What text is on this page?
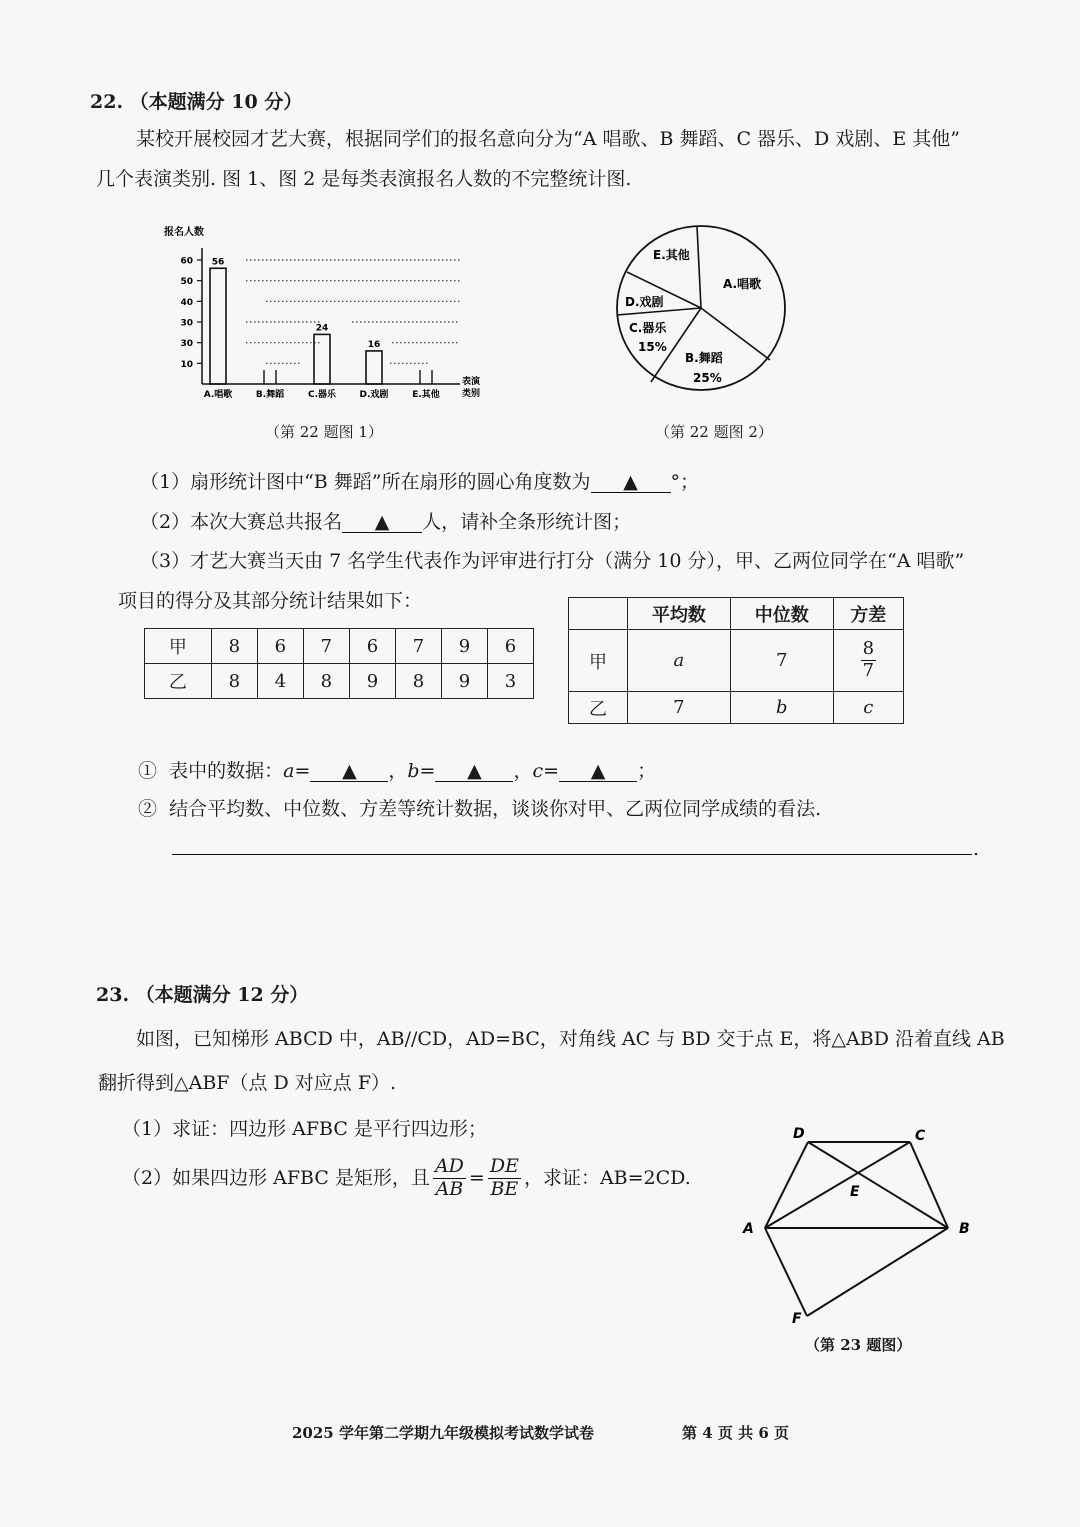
22. （本题满分 10 分）
某校开展校园才艺大赛，根据同学们的报名意向分为“A 唱歌、B 舞蹈、C 器乐、D 戏剧、E 其他”
几个表演类别. 图 1、图 2 是每类表演报名人数的不完整统计图.
报名人数
10
30
30
40
50
60 56
24
16
A.唱歌	B.舞蹈	C.器乐	D.戏剧	E.其他
表演
类别
（第 22 题图 1）
E.其他
A.唱歌
D.戏剧
C.器乐
15%
B.舞蹈
25%
（第 22 题图 2）
（1）扇形统计图中“B 舞蹈”所在扇形的圆心角度数为 ▲ °；
（2）本次大赛总共报名 ▲ 人，请补全条形统计图；
（3）才艺大赛当天由 7 名学生代表作为评审进行打分（满分 10 分），甲、乙两位同学在“A 唱歌”
项目的得分及其部分统计结果如下：
甲	8	6	7	6	7	9	6
乙	8	4	8	9	8	9	3
	平均数	中位数	方差
甲	a	7	$\frac{8}{7}$

乙	7	b	c
① 表中的数据：a= ▲ ，b= ▲ ，c= ▲ ；
② 结合平均数、中位数、方差等统计数据，谈谈你对甲、乙两位同学成绩的看法.
.
23. （本题满分 12 分）
如图，已知梯形 ABCD 中，AB//CD，AD=BC，对角线 AC 与 BD 交于点 E，将△ABD 沿着直线 AB
翻折得到△ABF（点 D 对应点 F）.
（1）求证：四边形 AFBC 是平行四边形；
（2）如果四边形 AFBC 是矩形，且 $\frac{AD}{AB} = \frac{DE}{BE}$ ，求证：AB=2CD.
D	C
E
A	B
F
（第 23 题图）
2025 学年第二学期九年级模拟考试数学试卷	第 4 页 共 6 页
